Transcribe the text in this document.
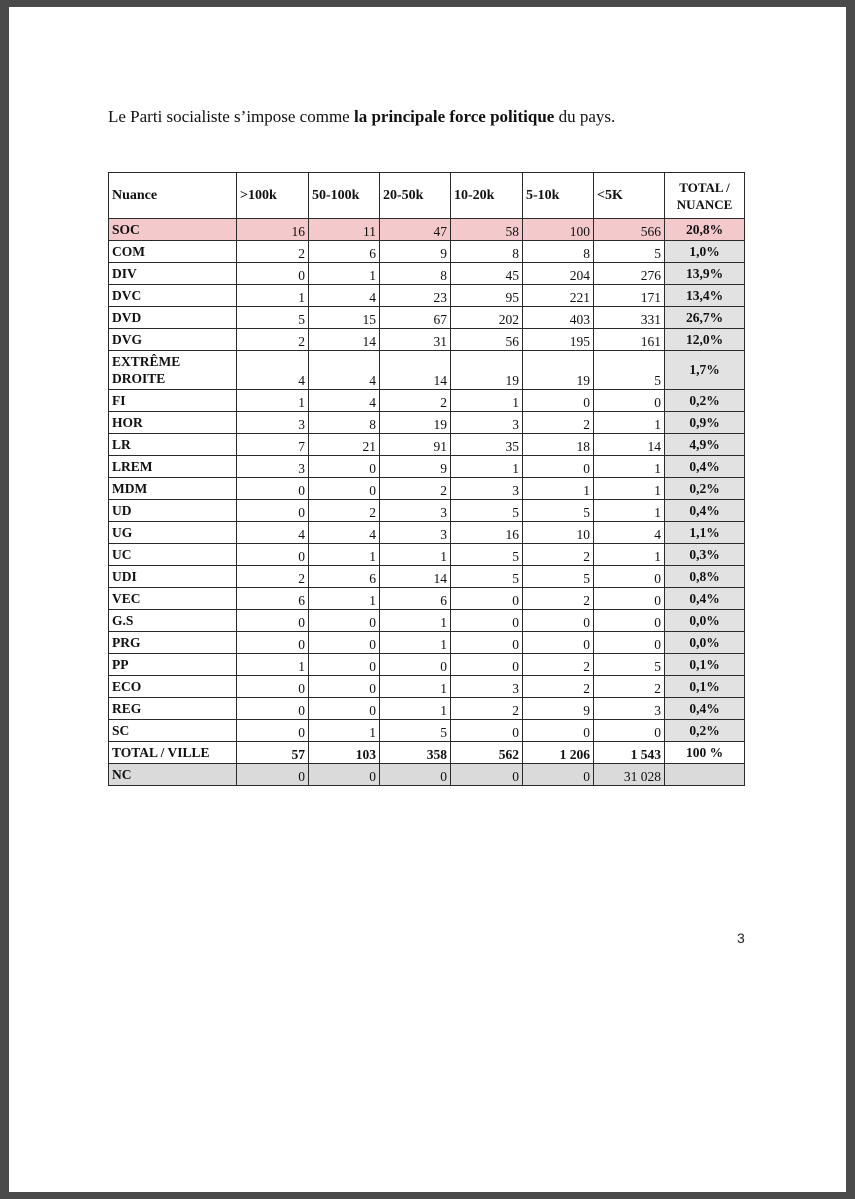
Le Parti socialiste s’impose comme la principale force politique du pays.
Nuance	>100k	50-100k	20-50k	10-20k	5-10k	<5K	TOTAL / NUANCE
SOC	16	11	47	58	100	566	20,8%
COM	2	6	9	8	8	5	1,0%
DIV	0	1	8	45	204	276	13,9%
DVC	1	4	23	95	221	171	13,4%
DVD	5	15	67	202	403	331	26,7%
DVG	2	14	31	56	195	161	12,0%
EXTRÊME DROITE	4	4	14	19	19	5	1,7%
FI	1	4	2	1	0	0	0,2%
HOR	3	8	19	3	2	1	0,9%
LR	7	21	91	35	18	14	4,9%
LREM	3	0	9	1	0	1	0,4%
MDM	0	0	2	3	1	1	0,2%
UD	0	2	3	5	5	1	0,4%
UG	4	4	3	16	10	4	1,1%
UC	0	1	1	5	2	1	0,3%
UDI	2	6	14	5	5	0	0,8%
VEC	6	1	6	0	2	0	0,4%
G.S	0	0	1	0	0	0	0,0%
PRG	0	0	1	0	0	0	0,0%
PP	1	0	0	0	2	5	0,1%
ECO	0	0	1	3	2	2	0,1%
REG	0	0	1	2	9	3	0,4%
SC	0	1	5	0	0	0	0,2%
TOTAL / VILLE	57	103	358	562	1 206	1 543	100 %
NC	0	0	0	0	0	31 028	
3
